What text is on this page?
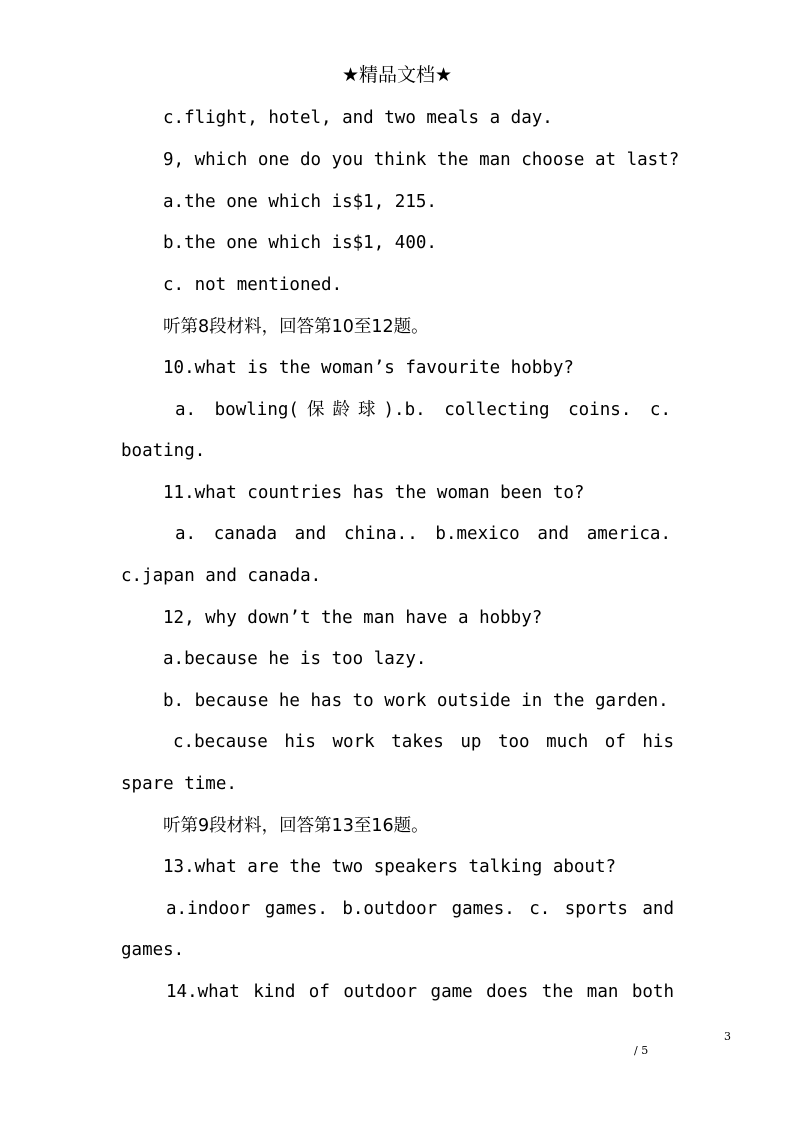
★精品文档★
c.flight, hotel, and two meals a day.
9, which one do you think the man choose at last?
a.the one which is$1, 215.
b.the one which is$1, 400.
c. not mentioned.
听第8段材料，回答第10至12题。
10.what is the woman’s favourite hobby?
a. bowling(保龄球).b. collecting coins. c.
boating.
11.what countries has the woman been to?
a. canada and china.. b.mexico and america.
c.japan and canada.
12, why down’t the man have a hobby?
a.because he is too lazy.
b. because he has to work outside in the garden.
c.because his work takes up too much of his
spare time.
听第9段材料，回答第13至16题。
13.what are the two speakers talking about?
a.indoor games. b.outdoor games. c. sports and
games.
14.what kind of outdoor game does the man both
3
/ 5
